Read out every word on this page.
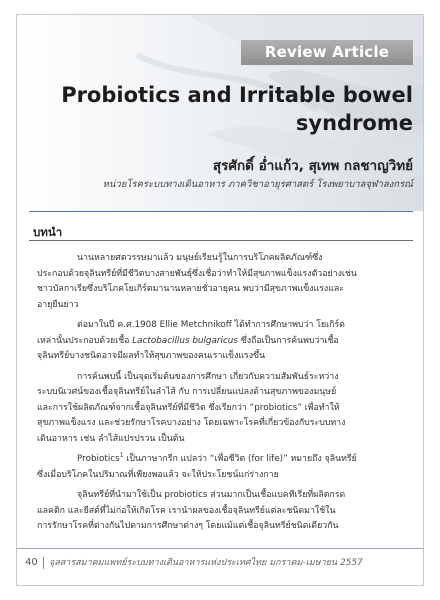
Review Article
Probiotics and Irritable bowel
syndrome
สุรศักดิ์ อ่ำแก้ว, สุเทพ กลชาญวิทย์
หน่วยโรคระบบทางเดินอาหาร ภาควิชาอายุรศาสตร์ โรงพยาบาลจุฬาลงกรณ์
บทนำ

นานหลายศตวรรษมาแล้ว มนุษย์เรียนรู้ในการบริโภคผลิตภัณฑ์ซึ่ง
ประกอบด้วยจุลินทรีย์ที่มีชีวิตบางสายพันธุ์ซึ่งเชื่อว่าทำให้มีสุขภาพแข็งแรงตัวอย่างเช่น
ชาวบัลกาเรียซึ่งบริโภคโยเกิร์ตมานานหลายชั่วอายุคน พบว่ามีสุขภาพแข็งแรงและ
อายุยืนยาว

ต่อมาในปี ค.ศ.1908 Ellie Metchnikoff ได้ทำการศึกษาพบว่า โยเกิร์ต
เหล่านั้นประกอบด้วยเชื้อ Lactobacillus bulgaricus ซึ่งถือเป็นการค้นพบว่าเชื้อ
จุลินทรีย์บางชนิดอาจมีผลทำให้สุขภาพของคนเราแข็งแรงขึ้น

การค้นพบนี้ เป็นจุดเริ่มต้นของการศึกษา เกี่ยวกับความสัมพันธ์ระหว่าง
ระบบนิเวศน์ของเชื้อจุลินทรีย์ในลำไส้ กับ การเปลี่ยนแปลงด้านสุขภาพของมนุษย์
และการใช้ผลิตภัณฑ์จากเชื้อจุลินทรีย์ที่มีชีวิต ซึ่งเรียกว่า “probiotics” เพื่อทำให้
สุขภาพแข็งแรง และช่วยรักษาโรคบางอย่าง โดยเฉพาะโรคที่เกี่ยวข้องกับระบบทาง
เดินอาหาร เช่น ลำไส้แปรปรวน เป็นต้น

Probiotics$^1$ เป็นภาษากรีก แปลว่า “เพื่อชีวิต (for life)” หมายถึง จุลินทรีย์
ซึ่งเมื่อบริโภคในปริมาณที่เพียงพอแล้ว จะให้ประโยชน์แก่ร่างกาย

จุลินทรีย์ที่นำมาใช้เป็น probiotics ส่วนมากเป็นเชื้อแบคทีเรียที่ผลิตกรด
แลคติก และยีสต์ที่ไม่ก่อให้เกิดโรค เรานำผลของเชื้อจุลินทรีย์แต่ละชนิดมาใช้ใน
การรักษาโรคที่ต่างกันไปตามการศึกษาต่างๆ โดยแม้แต่เชื้อจุลินทรีย์ชนิดเดียวกัน

40 จุลสารสมาคมแพทย์ระบบทางเดินอาหารแห่งประเทศไทย มกราคม-เมษายน 2557
